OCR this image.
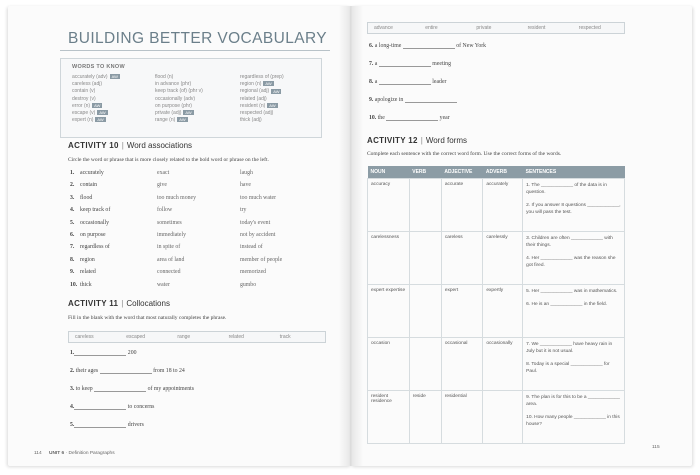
BUILDING BETTER VOCABULARY
WORDS TO KNOW
accurately (adv) AW
careless (adj)
contain (v)
destroy (v)
error (n) AW
escape (v) AW
expert (n) AW
flood (n)
in advance (phr)
keep track (of) (phr v)
occasionally (adv)
on purpose (phr)
private (adj) AW
range (n) AW
regardless of (prep)
region (n) AW
regional (adj) AW
related (adj)
resident (n) AW
respected (adj)
thick (adj)
ACTIVITY 10 | Word associations
Circle the word or phrase that is more closely related to the bold word or phrase on the left.
1. accurately	exact	laugh
2. contain	give	have
3. flood	too much money	too much water
4. keep track of	follow	try
5. occasionally	sometimes	today's event
6. on purpose	immediately	not by accident
7. regardless of	in spite of	instead of
8. region	area of land	member of people
9. related	connected	memorized
10. thick	water	gumbo
ACTIVITY 11 | Collocations
Fill in the blank with the word that most naturally completes the phrase.
careless	escaped	range	related	track
1.	200
2. their ages	from 18 to 24
3. to keep	of my appointments
4.	to concerns
5.	drivers
114 UNIT 6 · Definition Paragraphs
advance	entire	private	resident	respected
6. a long-time	of New York
7. a	meeting
8. a	leader
9. apologize in
10. the	year
ACTIVITY 12 | Word forms
Complete each sentence with the correct word form. Use the correct forms of the words.
NOUN	VERB	ADJECTIVE	ADVERB	SENTENCES
accuracy		accurate	accurately	1. The ____________ of the data is in question.
2. If you answer 8 questions ____________, you will pass the test.

carelessness		careless	carelessly	3. Children are often ____________ with their things.
4. Her ____________ was the reason she got fired.

expert expertise		expert	expertly	5. Her ____________ was in mathematics.
6. He is an ____________ in the field.

occasion		occasional	occasionally	7. We ____________ have heavy rain in July but it is not usual.
8. Today is a special ____________ for Paul.

resident residence	reside	residential		9. The plan is for this to be a ____________ area.
10. How many people ____________ in this house?
115
